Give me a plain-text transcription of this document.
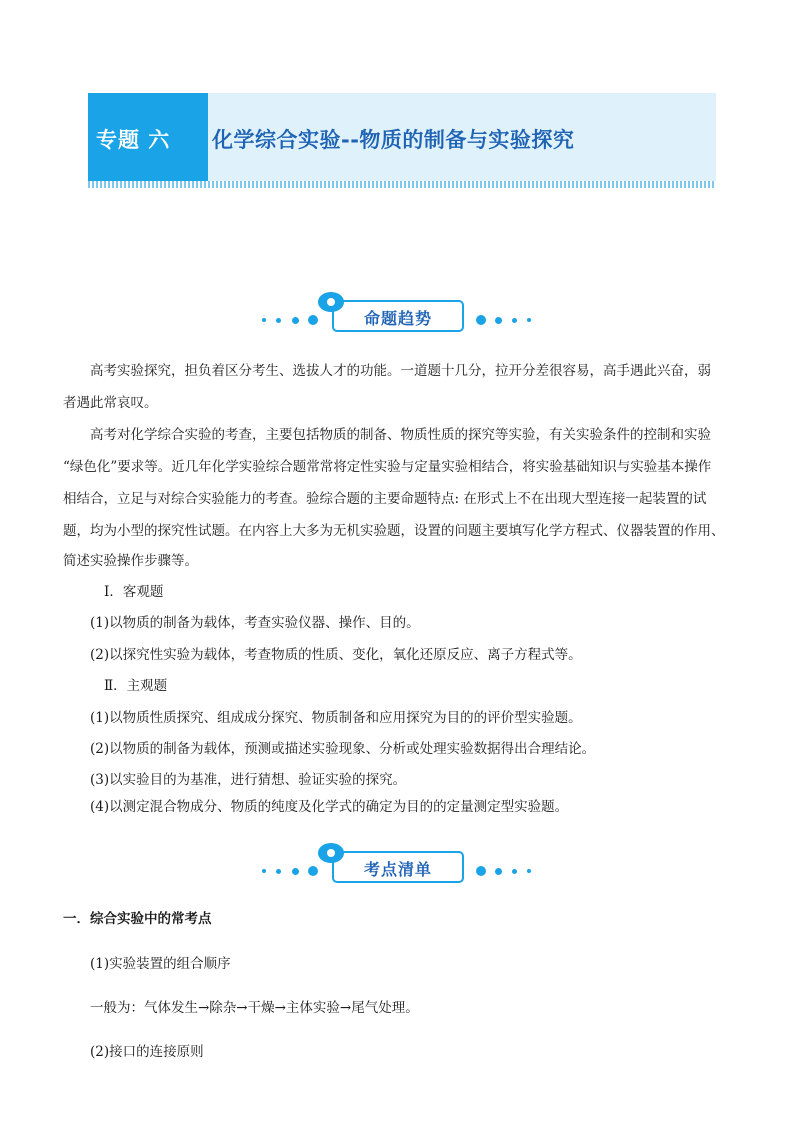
专题 六 化学综合实验--物质的制备与实验探究
命题趋势
高考实验探究，担负着区分考生、选拔人才的功能。一道题十几分，拉开分差很容易，高手遇此兴奋，弱
者遇此常哀叹。
高考对化学综合实验的考查，主要包括物质的制备、物质性质的探究等实验，有关实验条件的控制和实验
“绿色化”要求等。近几年化学实验综合题常常将定性实验与定量实验相结合，将实验基础知识与实验基本操作
相结合，立足与对综合实验能力的考查。验综合题的主要命题特点: 在形式上不在出现大型连接一起装置的试
题，均为小型的探究性试题。在内容上大多为无机实验题，设置的问题主要填写化学方程式、仪器装置的作用、
简述实验操作步骤等。
Ⅰ．客观题
(1)以物质的制备为载体，考查实验仪器、操作、目的。
(2)以探究性实验为载体，考查物质的性质、变化，氧化还原反应、离子方程式等。
Ⅱ．主观题
(1)以物质性质探究、组成成分探究、物质制备和应用探究为目的的评价型实验题。
(2)以物质的制备为载体，预测或描述实验现象、分析或处理实验数据得出合理结论。
(3)以实验目的为基准，进行猜想、验证实验的探究。
(4)以测定混合物成分、物质的纯度及化学式的确定为目的的定量测定型实验题。
考点清单
一．综合实验中的常考点
(1)实验装置的组合顺序
一般为：气体发生→除杂→干燥→主体实验→尾气处理。
(2)接口的连接原则
